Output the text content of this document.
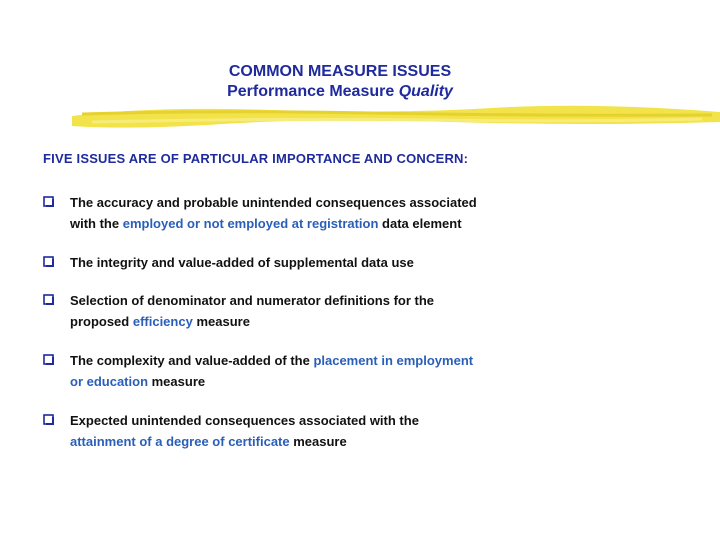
COMMON MEASURE ISSUES
Performance Measure Quality
FIVE ISSUES ARE OF PARTICULAR IMPORTANCE AND CONCERN:
The accuracy and probable unintended consequences associated
with the employed or not employed at registration data element
The integrity and value-added of supplemental data use
Selection of denominator and numerator definitions for the
proposed efficiency measure
The complexity and value-added of the placement in employment
or education measure
Expected unintended consequences associated with the
attainment of a degree of certificate measure
